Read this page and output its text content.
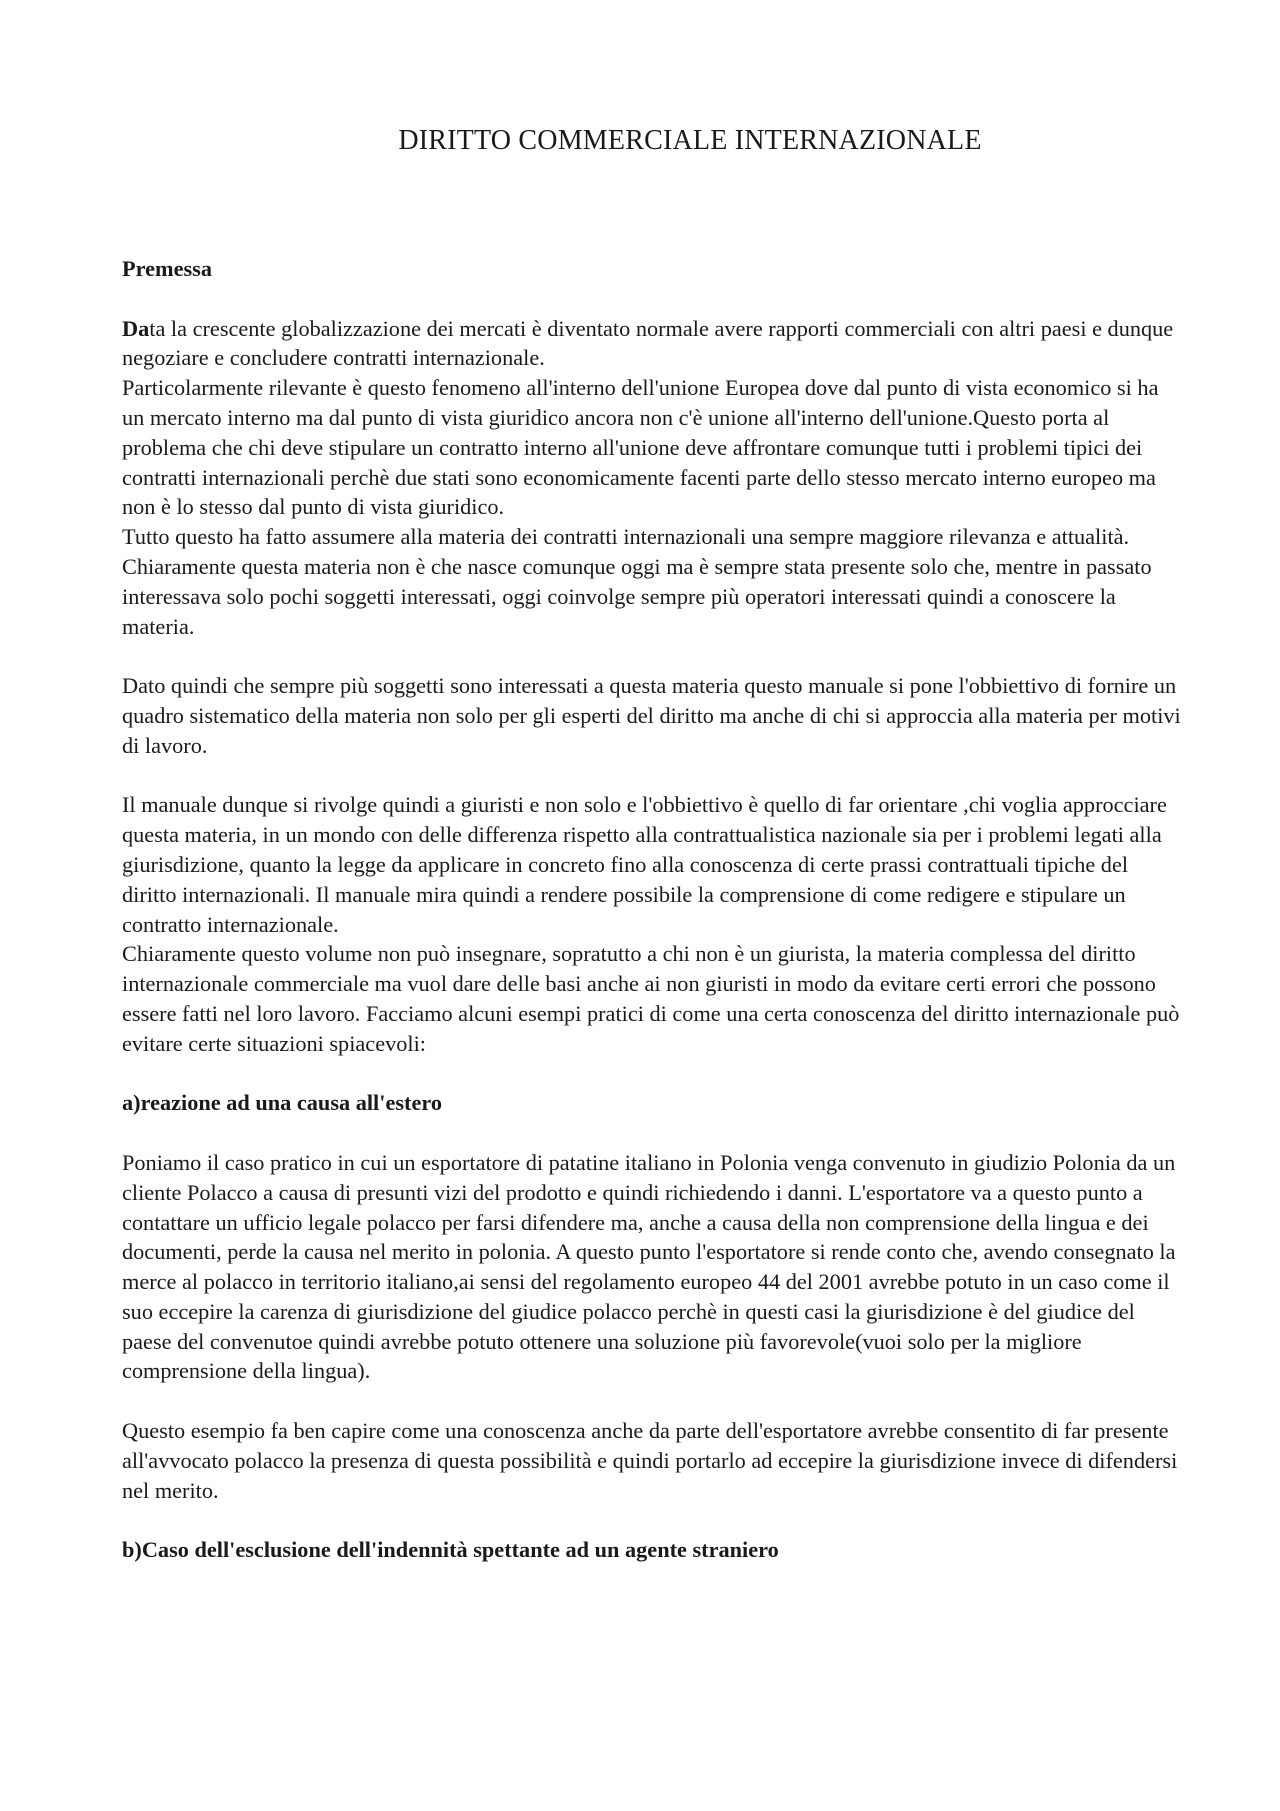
DIRITTO COMMERCIALE INTERNAZIONALE

Premessa

Data la crescente globalizzazione dei mercati è diventato normale avere rapporti commerciali con altri paesi e dunque negoziare e concludere contratti internazionale.

Particolarmente rilevante è questo fenomeno all'interno dell'unione Europea dove dal punto di vista economico si ha un mercato interno ma dal punto di vista giuridico ancora non c'è unione all'interno dell'unione.Questo porta al problema che chi deve stipulare un contratto interno all'unione deve affrontare comunque tutti i problemi tipici dei contratti internazionali perchè due stati sono economicamente facenti parte dello stesso mercato interno europeo ma non è lo stesso dal punto di vista giuridico.

Tutto questo ha fatto assumere alla materia dei contratti internazionali una sempre maggiore rilevanza e attualità.

Chiaramente questa materia non è che nasce comunque oggi ma è sempre stata presente solo che, mentre in passato interessava solo pochi soggetti interessati, oggi coinvolge sempre più operatori interessati quindi a conoscere la materia.

Dato quindi che sempre più soggetti sono interessati a questa materia questo manuale si pone l'obbiettivo di fornire un quadro sistematico della materia non solo per gli esperti del diritto ma anche di chi si approccia alla materia per motivi di lavoro.

Il manuale dunque si rivolge quindi a giuristi e non solo e l'obbiettivo è quello di far orientare ,chi voglia approcciare questa materia, in un mondo con delle differenza rispetto alla contrattualistica nazionale sia per i problemi legati alla giurisdizione, quanto la legge da applicare in concreto fino alla conoscenza di certe prassi contrattuali tipiche del diritto internazionali. Il manuale mira quindi a rendere possibile la comprensione di come redigere e stipulare un contratto internazionale.

Chiaramente questo volume non può insegnare, sopratutto a chi non è un giurista, la materia complessa del diritto internazionale commerciale ma vuol dare delle basi anche ai non giuristi in modo da evitare certi errori che possono essere fatti nel loro lavoro. Facciamo alcuni esempi pratici di come una certa conoscenza del diritto internazionale può evitare certe situazioni spiacevoli:

a)reazione ad una causa all'estero

Poniamo il caso pratico in cui un esportatore di patatine italiano in Polonia venga convenuto in giudizio Polonia da un cliente Polacco a causa di presunti vizi del prodotto e quindi richiedendo i danni. L'esportatore va a questo punto a contattare un ufficio legale polacco per farsi difendere ma, anche a causa della non comprensione della lingua e dei documenti, perde la causa nel merito in polonia. A questo punto l'esportatore si rende conto che, avendo consegnato la merce al polacco in territorio italiano,ai sensi del regolamento europeo 44 del 2001 avrebbe potuto in un caso come il suo eccepire la carenza di giurisdizione del giudice polacco perchè in questi casi la giurisdizione è del giudice del paese del convenutoe quindi avrebbe potuto ottenere una soluzione più favorevole(vuoi solo per la migliore comprensione della lingua).

Questo esempio fa ben capire come una conoscenza anche da parte dell'esportatore avrebbe consentito di far presente all'avvocato polacco la presenza di questa possibilità e quindi portarlo ad eccepire la giurisdizione invece di difendersi nel merito.

b)Caso dell'esclusione dell'indennità spettante ad un agente straniero
